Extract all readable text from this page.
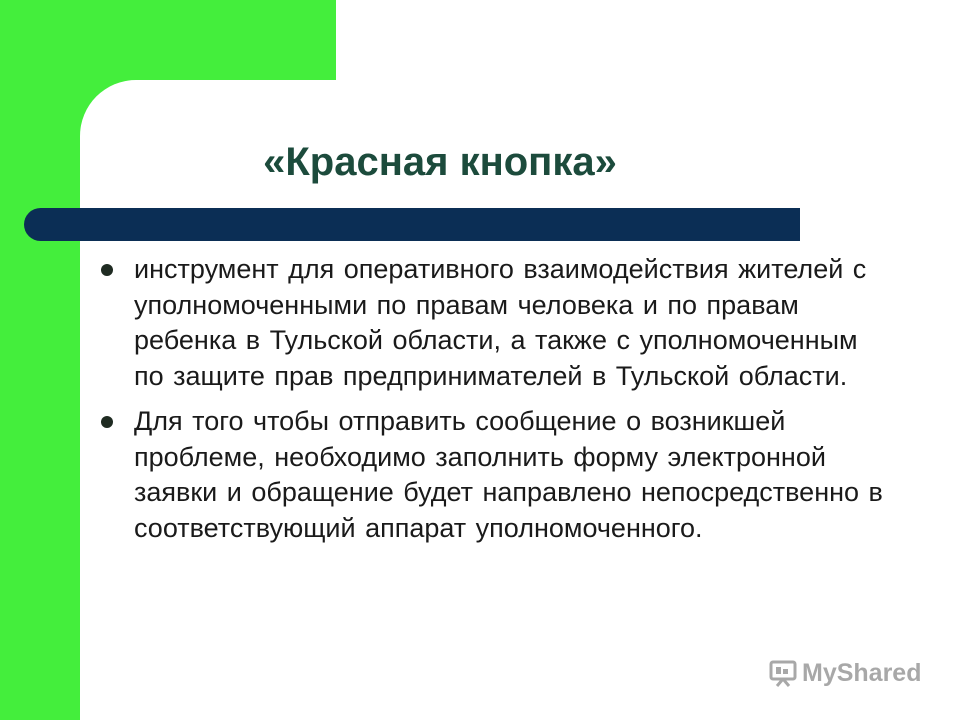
«Красная кнопка»
инструмент для оперативного взаимодействия жителей с уполномоченными по правам человека и по правам ребенка в Тульской области, а также с уполномоченным по защите прав предпринимателей в Тульской области.
Для того чтобы отправить сообщение о возникшей проблеме, необходимо заполнить форму электронной заявки и обращение будет направлено непосредственно в соответствующий аппарат уполномоченного.
MyShared
